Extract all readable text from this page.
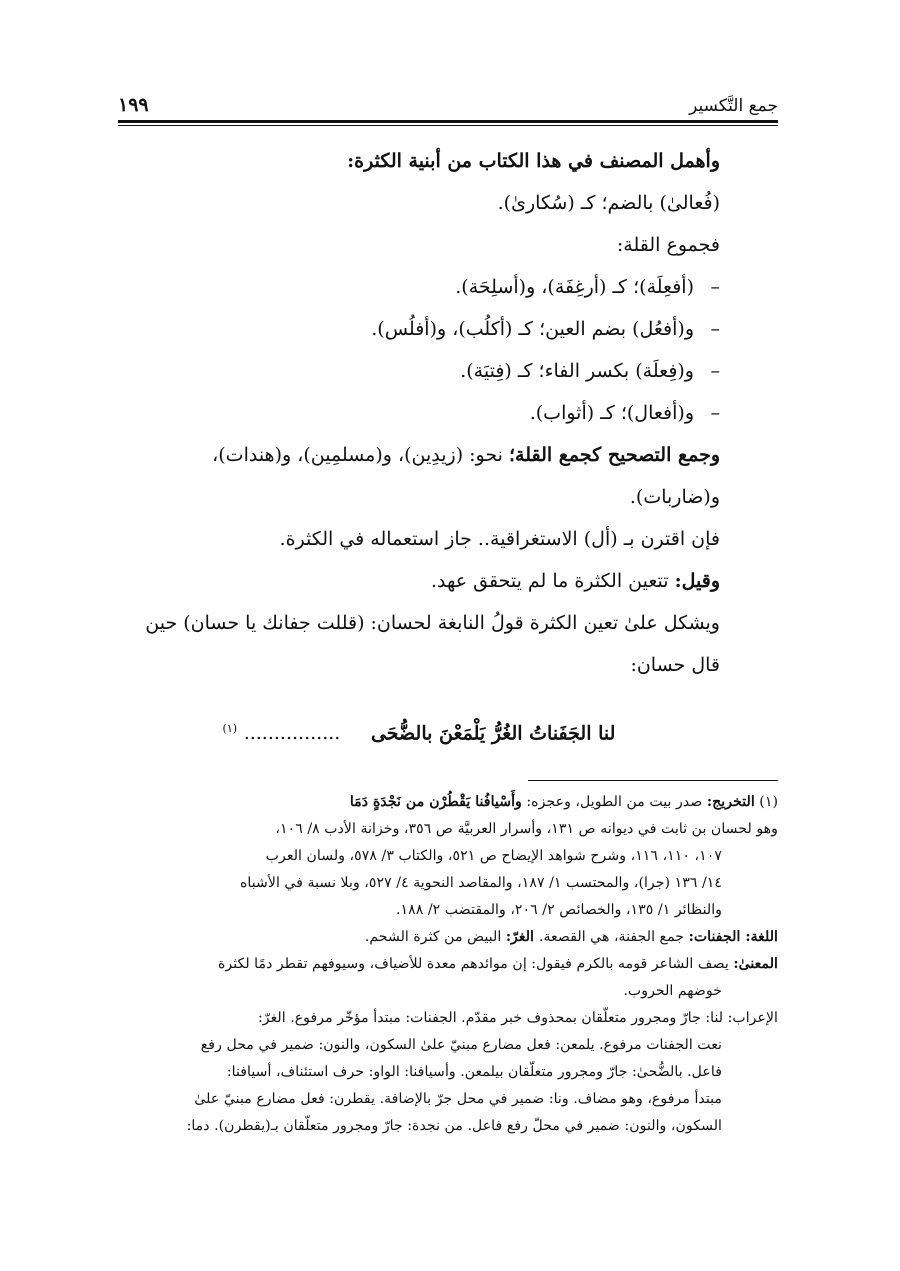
جمع التَّكسير
١٩٩

وأهمل المصنف في هذا الكتاب من أبنية الكثرة:

(فُعالىٰ) بالضم؛ كـ (سُكارىٰ).

فجموع القلة:

–
(أفعِلَة)؛ كـ (أرغِفَة)، و(أسلِحَة).
–
و(أفعُل) بضم العين؛ كـ (أكلُب)، و(أفلُس).
–
و(فِعلَة) بكسر الفاء؛ كـ (فِتيَة).
–
و(أفعال)؛ كـ (أثواب).

وجمع التصحيح كجمع القلة؛ نحو: (زيدِين)، و(مسلمِين)، و(هندات)،

و(ضاربات).

فإن اقترن بـ (أل) الاستغراقية.. جاز استعماله في الكثرة.

وقيل: تتعين الكثرة ما لم يتحقق عهد.

ويشكل علىٰ تعين الكثرة قولُ النابغة لحسان: (قللت جفانك يا حسان) حين

قال حسان:

لنا الجَفَناتُ الغُرُّ يَلْمَعْنَ بالضُّحَى ................ $^{(١)}$

(١) التخريج: صدر بيت من الطويل، وعجزه: وأَسْيافُنا يَقْطُرْن من نَجْدَةٍ دَمَا

وهو لحسان بن ثابت في ديوانه ص ١٣١، وأسرار العربيَّة ص ٣٥٦، وخزانة الأدب ٨/ ١٠٦،

١٠٧، ١١٠، ١١٦، وشرح شواهد الإيضاح ص ٥٢١، والكتاب ٣/ ٥٧٨، ولسان العرب

١٤/ ١٣٦ (جرا)، والمحتسب ١/ ١٨٧، والمقاصد النحوية ٤/ ٥٢٧، وبلا نسبة في الأشباه

والنظائر ١/ ١٣٥، والخصائص ٢/ ٢٠٦، والمقتضب ٢/ ١٨٨.

اللغة: الجفنات: جمع الجفنة، هي القصعة. الغرّ: البيض من كثرة الشحم.

المعنىٰ: يصف الشاعر قومه بالكرم فيقول: إن موائدهم معدة للأضياف، وسيوفهم تقطر دمًا لكثرة

خوضهم الحروب.

الإعراب: لنا: جارّ ومجرور متعلّقان بمحذوف خبر مقدّم. الجفنات: مبتدأ مؤخّر مرفوع. الغرّ:

نعت الجفنات مرفوع. يلمعن: فعل مضارع مبنيّ علىٰ السكون، والنون: ضمير في محل رفع

فاعل. بالضُّحىٰ: جارّ ومجرور متعلّقان بيلمعن. وأسيافنا: الواو: حرف استئناف، أسيافنا:

مبتدأ مرفوع، وهو مضاف. ونا: ضمير في محل جرّ بالإضافة. يقطرن: فعل مضارع مبنيّ علىٰ

السكون، والنون: ضمير في محلّ رفع فاعل. من نجدة: جارّ ومجرور متعلّقان بـ(يقطرن). دما:
